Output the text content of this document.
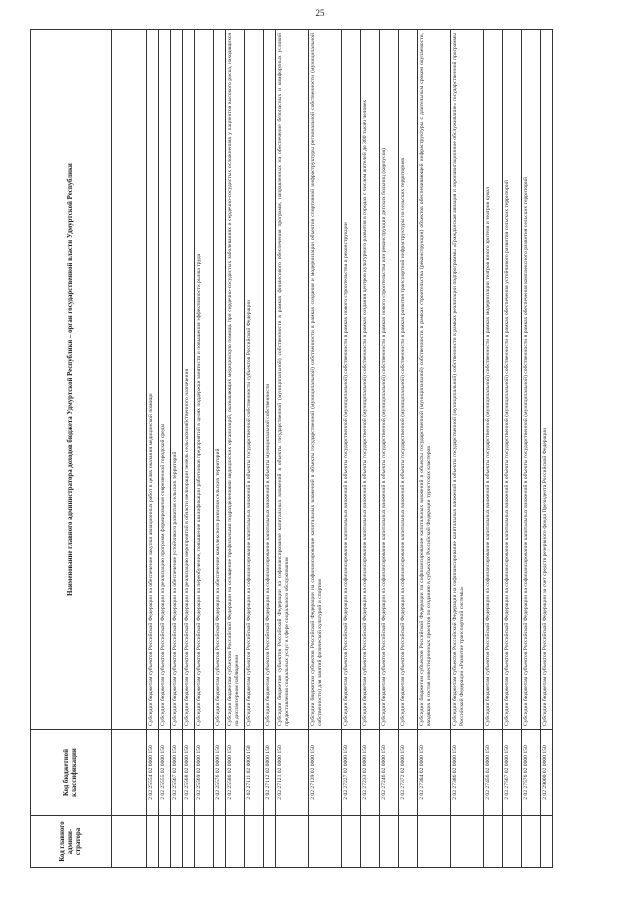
25
Код главного админи-стратора	Код бюджетной классификации	Наименование главного администратора доходов бюджета Удмуртской Республики – орган государственной власти Удмуртской Республики

	2 02 25554 02 0000 150	Субсидии бюджетам субъектов Российской Федерации на обеспечение закупки авиационных работ в целях оказания медицинской помощи
	2 02 25555 02 0000 150	Субсидии бюджетам субъектов Российской Федерации на реализацию программ формирования современной городской среды
	2 02 25567 02 0000 150	Субсидии бюджетам субъектов Российской Федерации на обеспечение устойчивого развития сельских территорий
	2 02 25568 02 0000 150	Субсидии бюджетам субъектов Российской Федерации на реализацию мероприятий в области мелиорации земель сельскохозяйственного назначения
	2 02 25569 02 0000 150	Субсидии бюджетам субъектов Российской Федерации на переобучение, повышение квалификации работников предприятий в целях поддержки занятости и повышения эффективности рынка труда
	2 02 25576 02 0000 150	Субсидии бюджетам субъектов Российской Федерации на обеспечение комплексного развития сельских территорий
	2 02 25586 02 0000 150	Субсидии бюджетам субъектов Российской Федерации на оснащение профильными подразделениями медицинских организаций, оказывающих медицинскую помощь при сердечно-сосудистых заболеваниях и сердечно-сосудистых осложнениях у пациентов высокого риска, находящихся на диспансерном наблюдении
	2 02 27111 02 0000 150	Субсидии бюджетам субъектов Российской Федерации на софинансирование капитальных вложений в объекты государственной собственности субъектов Российской Федерации
	2 02 27112 02 0000 150	Субсидии бюджетам субъектов Российской Федерации на софинансирование капитальных вложений в объекты муниципальной собственности
	2 02 27121 02 0000 150	Субсидии бюджетам субъектов Российской Федерации на софинансирование капитальных вложений в объекты государственной (муниципальной) собственности в рамках финансового обеспечения программ, направленных на обеспечение безопасных и комфортных условий предоставления социальных услуг в сфере социального обслуживания
	2 02 27139 02 0000 150	Субсидии бюджетам субъектов Российской Федерации на софинансирование капитальных вложений в объекты государственной (муниципальной) собственности в рамках создания и модернизации объектов спортивной инфраструктуры региональной собственности (муниципальной собственности) для занятий физической культурой и спортом
	2 02 27227 02 0000 150	Субсидии бюджетам субъектов Российской Федерации на софинансирование капитальных вложений в объекты государственной (муниципальной) собственности в рамках нового строительства и реконструкции
	2 02 27233 02 0000 150	Субсидии бюджетам субъектов Российской Федерации на софинансирование капитальных вложений в объекты государственной (муниципальной) собственности в рамках создания центров культурного развития в городах с числом жителей до 300 тысяч человек
	2 02 27246 02 0000 150	Субсидии бюджетам субъектов Российской Федерации на софинансирование капитальных вложений в объекты государственной (муниципальной) собственности в рамках нового строительства или реконструкции детских больниц (корпусов)
	2 02 27372 02 0000 150	Субсидии бюджетам субъектов Российской Федерации на софинансирование капитальных вложений в объекты государственной (муниципальной) собственности в рамках развития транспортной инфраструктуры на сельских территориях
	2 02 27384 02 0000 150	Субсидии бюджетам субъектов Российской Федерации на софинансирование капитальных вложений в объекты государственной (муниципальной) собственности в рамках строительства (реконструкции) объектов обеспечивающей инфраструктуры с длительным сроком окупаемости, входящих в состав инвестиционных проектов по созданию в субъектах Российской Федерации туристских кластеров
	2 02 27386 02 0000 150	Субсидии бюджетам субъектов Российской Федерации на софинансирование капитальных вложений в объекты государственной (муниципальной) собственности в рамках реализации подпрограммы «Гражданская авиация и аэронавигационное обслуживание» государственной программы Российской Федерации «Развитие транспортной системы»
	2 02 27456 02 0000 150	Субсидии бюджетам субъектов Российской Федерации на софинансирование капитальных вложений в объекты государственной (муниципальной) собственности в рамках модернизации театров юного зрителя и театров кукол
	2 02 27567 02 0000 150	Субсидии бюджетам субъектов Российской Федерации на софинансирование капитальных вложений в объекты государственной (муниципальной) собственности в рамках обеспечения устойчивого развития сельских территорий
	2 02 27576 02 0000 150	Субсидии бюджетам субъектов Российской Федерации на софинансирование капитальных вложений в объекты государственной (муниципальной) собственности в рамках обеспечения комплексного развития сельских территорий
	2 02 29000 02 0000 150	Субсидии бюджетам субъектов Российской Федерации за счет средств резервного фонда Президента Российской Федерации
